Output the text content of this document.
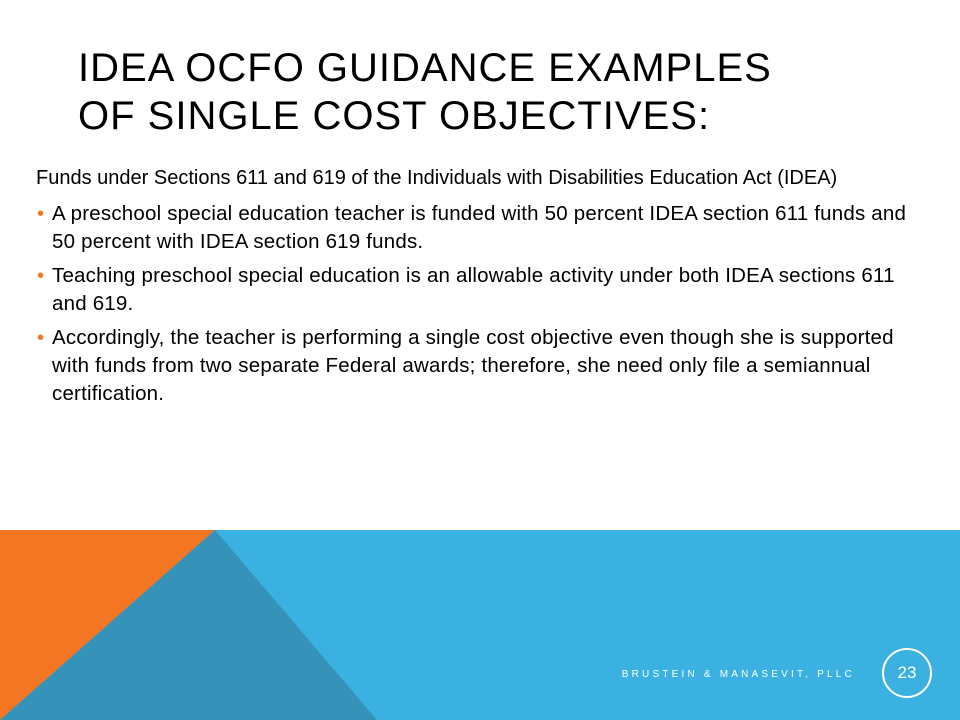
IDEA OCFO GUIDANCE EXAMPLES
OF SINGLE COST OBJECTIVES:

Funds under Sections 611 and 619 of the Individuals with Disabilities Education Act (IDEA)

• A preschool special education teacher is funded with 50 percent IDEA section 611 funds and 50 percent with IDEA section 619 funds.
• Teaching preschool special education is an allowable activity under both IDEA sections 611 and 619.
• Accordingly, the teacher is performing a single cost objective even though she is supported with funds from two separate Federal awards; therefore, she need only file a semiannual certification.
BRUSTEIN & MANASEVIT, PLLC	23
